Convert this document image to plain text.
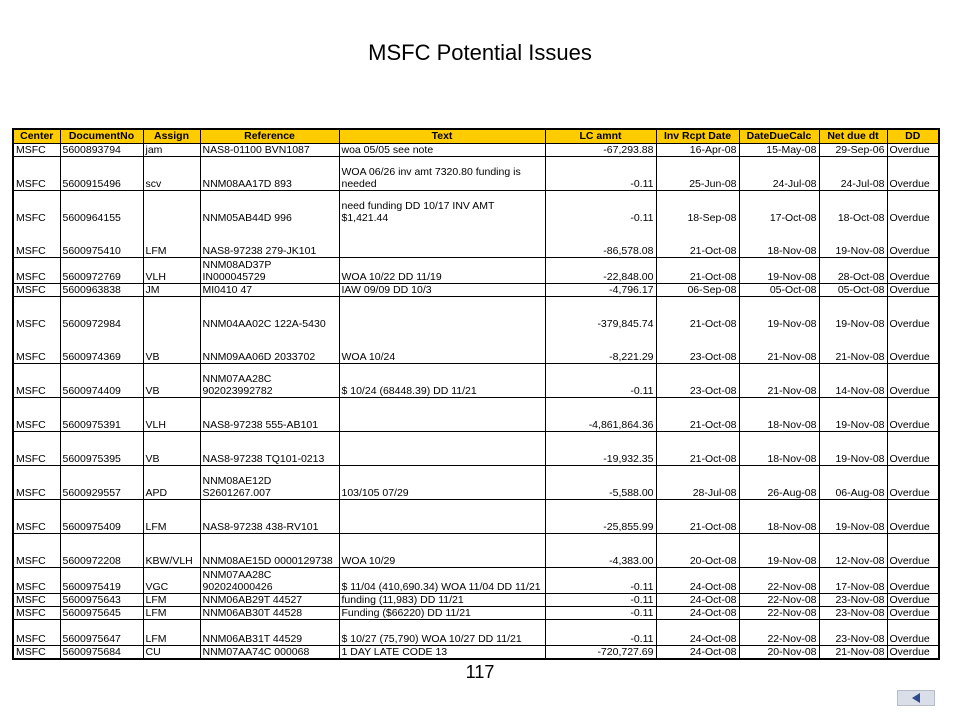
MSFC Potential Issues
Center	DocumentNo	Assign	Reference	Text	LC amnt	Inv Rcpt Date	DateDueCalc	Net due dt	DD
MSFC	5600893794	jam	NAS8-01100 BVN1087	woa 05/05 see note	-67,293.88	16-Apr-08	15-May-08	29-Sep-06	Overdue
MSFC	5600915496	scv	NNM08AA17D 893	WOA 06/26 inv amt 7320.80 funding is needed	-0.11	25-Jun-08	24-Jul-08	24-Jul-08	Overdue
MSFC	5600964155		NNM05AB44D 996	need funding DD 10/17 INV AMT $1,421.44	-0.11	18-Sep-08	17-Oct-08	18-Oct-08	Overdue
MSFC	5600975410	LFM	NAS8-97238 279-JK101		-86,578.08	21-Oct-08	18-Nov-08	19-Nov-08	Overdue
MSFC	5600972769	VLH	NNM08AD37P IN000045729	WOA 10/22 DD 11/19	-22,848.00	21-Oct-08	19-Nov-08	28-Oct-08	Overdue
MSFC	5600963838	JM	MI0410 47	IAW 09/09 DD 10/3	-4,796.17	06-Sep-08	05-Oct-08	05-Oct-08	Overdue
MSFC	5600972984		NNM04AA02C 122A-5430		-379,845.74	21-Oct-08	19-Nov-08	19-Nov-08	Overdue
MSFC	5600974369	VB	NNM09AA06D 2033702	WOA 10/24	-8,221.29	23-Oct-08	21-Nov-08	21-Nov-08	Overdue
MSFC	5600974409	VB	NNM07AA28C 902023992782	$ 10/24 (68448.39) DD 11/21	-0.11	23-Oct-08	21-Nov-08	14-Nov-08	Overdue
MSFC	5600975391	VLH	NAS8-97238 555-AB101		-4,861,864.36	21-Oct-08	18-Nov-08	19-Nov-08	Overdue
MSFC	5600975395	VB	NAS8-97238 TQ101-0213		-19,932.35	21-Oct-08	18-Nov-08	19-Nov-08	Overdue
MSFC	5600929557	APD	NNM08AE12D S2601267.007	103/105 07/29	-5,588.00	28-Jul-08	26-Aug-08	06-Aug-08	Overdue
MSFC	5600975409	LFM	NAS8-97238 438-RV101		-25,855.99	21-Oct-08	18-Nov-08	19-Nov-08	Overdue
MSFC	5600972208	KBW/VLH	NNM08AE15D 0000129738	WOA 10/29	-4,383.00	20-Oct-08	19-Nov-08	12-Nov-08	Overdue
MSFC	5600975419	VGC	NNM07AA28C 902024000426	$ 11/04 (410,690.34) WOA 11/04 DD 11/21	-0.11	24-Oct-08	22-Nov-08	17-Nov-08	Overdue
MSFC	5600975643	LFM	NNM06AB29T 44527	funding (11,983) DD 11/21	-0.11	24-Oct-08	22-Nov-08	23-Nov-08	Overdue
MSFC	5600975645	LFM	NNM06AB30T 44528	Funding ($66220) DD 11/21	-0.11	24-Oct-08	22-Nov-08	23-Nov-08	Overdue
MSFC	5600975647	LFM	NNM06AB31T 44529	$ 10/27 (75,790) WOA 10/27 DD 11/21	-0.11	24-Oct-08	22-Nov-08	23-Nov-08	Overdue
MSFC	5600975684	CU	NNM07AA74C 000068	1 DAY LATE CODE 13	-720,727.69	24-Oct-08	20-Nov-08	21-Nov-08	Overdue
117
